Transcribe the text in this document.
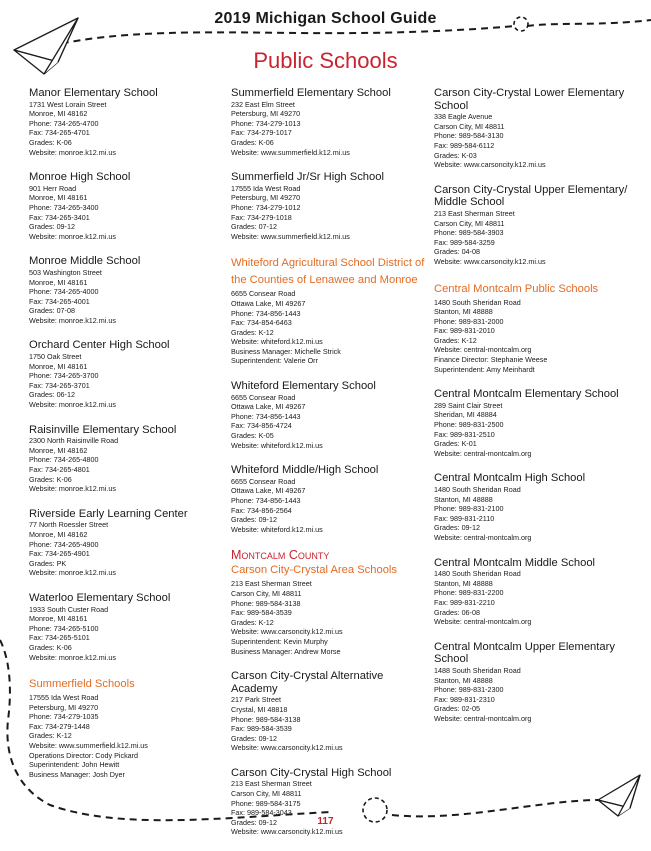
2019 Michigan School Guide
Public Schools
Manor Elementary School
1731 West Lorain Street
Monroe, MI 48162
Phone: 734-265-4700
Fax: 734-265-4701
Grades: K-06
Website: monroe.k12.mi.us
Monroe High School
901 Herr Road
Monroe, MI 48161
Phone: 734-265-3400
Fax: 734-265-3401
Grades: 09-12
Website: monroe.k12.mi.us
Monroe Middle School
503 Washington Street
Monroe, MI 48161
Phone: 734-265-4000
Fax: 734-265-4001
Grades: 07-08
Website: monroe.k12.mi.us
Orchard Center High School
1750 Oak Street
Monroe, MI 48161
Phone: 734-265-3700
Fax: 734-265-3701
Grades: 06-12
Website: monroe.k12.mi.us
Raisinville Elementary School
2300 North Raisinville Road
Monroe, MI 48162
Phone: 734-265-4800
Fax: 734-265-4801
Grades: K-06
Website: monroe.k12.mi.us
Riverside Early Learning Center
77 North Roessler Street
Monroe, MI 48162
Phone: 734-265-4900
Fax: 734-265-4901
Grades: PK
Website: monroe.k12.mi.us
Waterloo Elementary School
1933 South Custer Road
Monroe, MI 48161
Phone: 734-265-5100
Fax: 734-265-5101
Grades: K-06
Website: monroe.k12.mi.us
Summerfield Schools
17555 Ida West Road
Petersburg, MI 49270
Phone: 734-279-1035
Fax: 734-279-1448
Grades: K-12
Website: www.summerfield.k12.mi.us
Operations Director: Cody Pickard
Superintendent: John Hewitt
Business Manager: Josh Dyer
Summerfield Elementary School
232 East Elm Street
Petersburg, MI 49270
Phone: 734-279-1013
Fax: 734-279-1017
Grades: K-06
Website: www.summerfield.k12.mi.us
Summerfield Jr/Sr High School
17555 Ida West Road
Petersburg, MI 49270
Phone: 734-279-1012
Fax: 734-279-1018
Grades: 07-12
Website: www.summerfield.k12.mi.us
Whiteford Agricultural School District of the Counties of Lenawee and Monroe
6655 Consear Road
Ottawa Lake, MI 49267
Phone: 734-856-1443
Fax: 734-854-6463
Grades: K-12
Website: whiteford.k12.mi.us
Business Manager: Michelle Strick
Superintendent: Valerie Orr
Whiteford Elementary School
6655 Consear Road
Ottawa Lake, MI 49267
Phone: 734-856-1443
Fax: 734-856-4724
Grades: K-05
Website: whiteford.k12.mi.us
Whiteford Middle/High School
6655 Consear Road
Ottawa Lake, MI 49267
Phone: 734-856-1443
Fax: 734-856-2564
Grades: 09-12
Website: whiteford.k12.mi.us
Montcalm County
Carson City-Crystal Area Schools
213 East Sherman Street
Carson City, MI 48811
Phone: 989-584-3138
Fax: 989-584-3539
Grades: K-12
Website: www.carsoncity.k12.mi.us
Superintendent: Kevin Murphy
Business Manager: Andrew Morse
Carson City-Crystal Alternative Academy
217 Park Street
Crystal, MI 48818
Phone: 989-584-3138
Fax: 989-584-3539
Grades: 09-12
Website: www.carsoncity.k12.mi.us
Carson City-Crystal High School
213 East Sherman Street
Carson City, MI 48811
Phone: 989-584-3175
Fax: 989-584-3043
Grades: 09-12
Website: www.carsoncity.k12.mi.us
Carson City-Crystal Lower Elementary School
338 Eagle Avenue
Carson City, MI 48811
Phone: 989-584-3130
Fax: 989-584-6112
Grades: K-03
Website: www.carsoncity.k12.mi.us
Carson City-Crystal Upper Elementary/ Middle School
213 East Sherman Street
Carson City, MI 48811
Phone: 989-584-3903
Fax: 989-584-3259
Grades: 04-08
Website: www.carsoncity.k12.mi.us
Central Montcalm Public Schools
1480 South Sheridan Road
Stanton, MI 48888
Phone: 989-831-2000
Fax: 989-831-2010
Grades: K-12
Website: central-montcalm.org
Finance Director: Stephanie Weese
Superintendent: Amy Meinhardt
Central Montcalm Elementary School
289 Saint Clair Street
Sheridan, MI 48884
Phone: 989-831-2500
Fax: 989-831-2510
Grades: K-01
Website: central-montcalm.org
Central Montcalm High School
1480 South Sheridan Road
Stanton, MI 48888
Phone: 989-831-2100
Fax: 989-831-2110
Grades: 09-12
Website: central-montcalm.org
Central Montcalm Middle School
1480 South Sheridan Road
Stanton, MI 48888
Phone: 989-831-2200
Fax: 989-831-2210
Grades: 06-08
Website: central-montcalm.org
Central Montcalm Upper Elementary School
1488 South Sheridan Road
Stanton, MI 48888
Phone: 989-831-2300
Fax: 989-831-2310
Grades: 02-05
Website: central-montcalm.org
117
